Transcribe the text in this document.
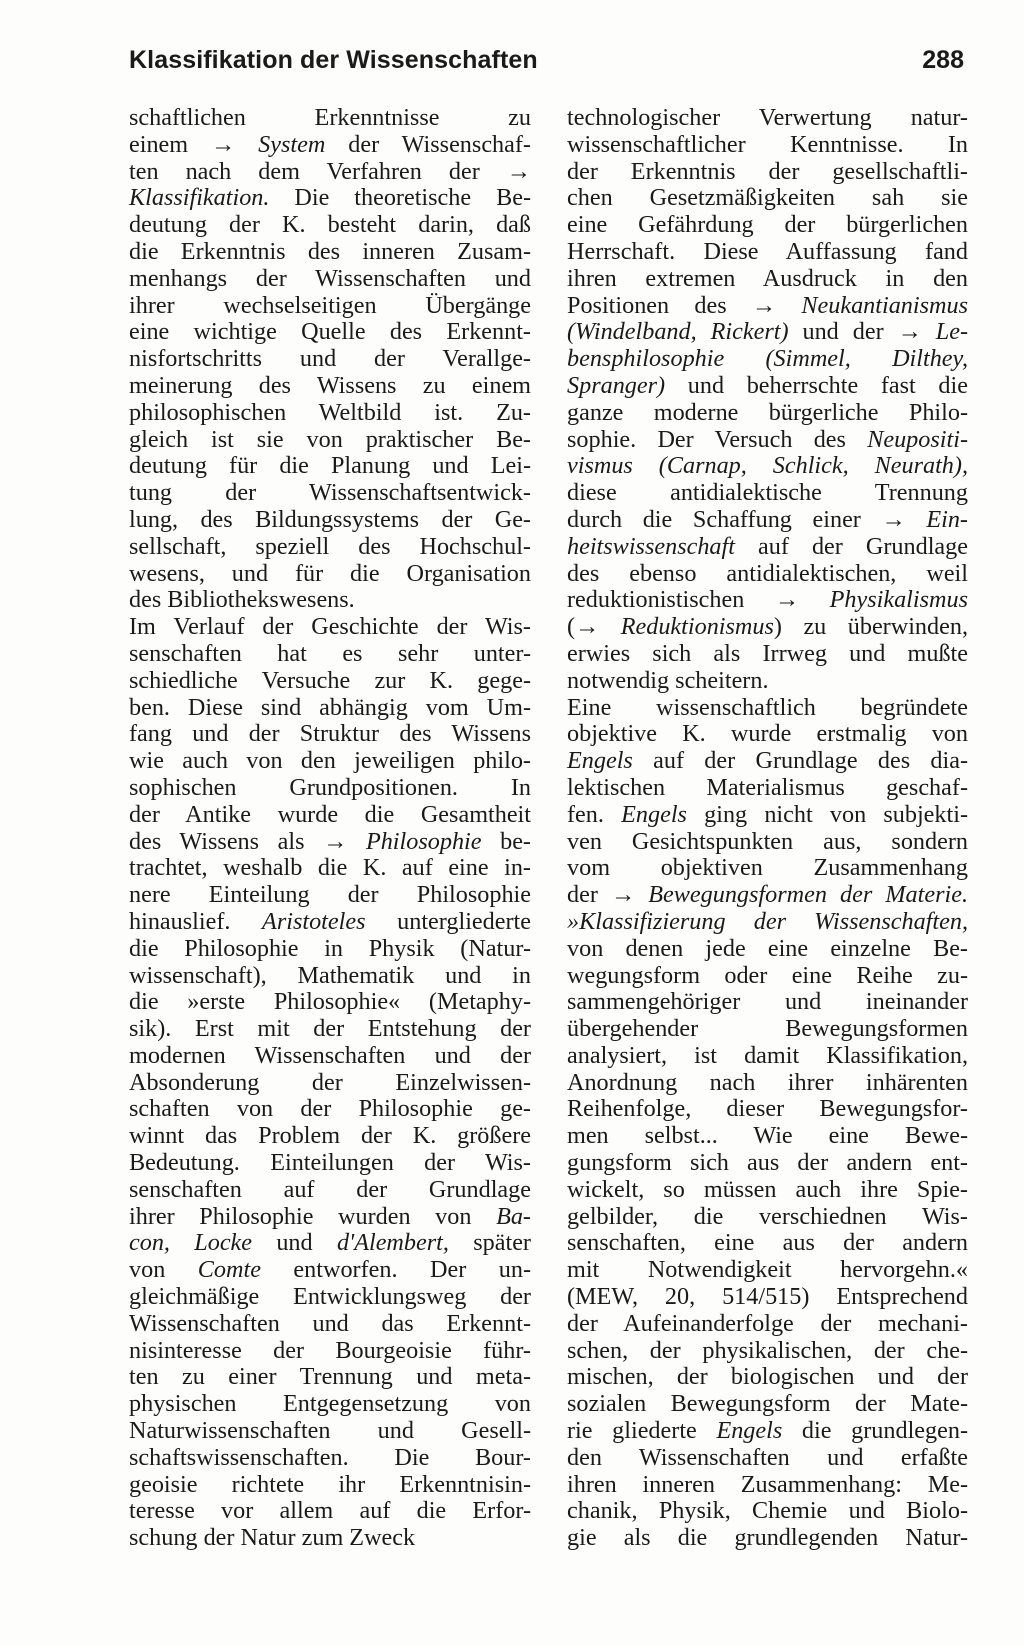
Klassifikation der Wissenschaften	288
schaftlichen Erkenntnisse zu
einem → System der Wissenschaf-
ten nach dem Verfahren der →
Klassifikation. Die theoretische Be-
deutung der K. besteht darin, daß
die Erkenntnis des inneren Zusam-
menhangs der Wissenschaften und
ihrer wechselseitigen Übergänge
eine wichtige Quelle des Erkennt-
nisfortschritts und der Verallge-
meinerung des Wissens zu einem
philosophischen Weltbild ist. Zu-
gleich ist sie von praktischer Be-
deutung für die Planung und Lei-
tung der Wissenschaftsentwick-
lung, des Bildungssystems der Ge-
sellschaft, speziell des Hochschul-
wesens, und für die Organisation
des Bibliothekswesens.
Im Verlauf der Geschichte der Wis-
senschaften hat es sehr unter-
schiedliche Versuche zur K. gege-
ben. Diese sind abhängig vom Um-
fang und der Struktur des Wissens
wie auch von den jeweiligen philo-
sophischen Grundpositionen. In
der Antike wurde die Gesamtheit
des Wissens als → Philosophie be-
trachtet, weshalb die K. auf eine in-
nere Einteilung der Philosophie
hinauslief. Aristoteles untergliederte
die Philosophie in Physik (Natur-
wissenschaft), Mathematik und in
die »erste Philosophie« (Metaphy-
sik). Erst mit der Entstehung der
modernen Wissenschaften und der
Absonderung der Einzelwissen-
schaften von der Philosophie ge-
winnt das Problem der K. größere
Bedeutung. Einteilungen der Wis-
senschaften auf der Grundlage
ihrer Philosophie wurden von Ba-
con, Locke und d'Alembert, später
von Comte entworfen. Der un-
gleichmäßige Entwicklungsweg der
Wissenschaften und das Erkennt-
nisinteresse der Bourgeoisie führ-
ten zu einer Trennung und meta-
physischen Entgegensetzung von
Naturwissenschaften und Gesell-
schaftswissenschaften. Die Bour-
geoisie richtete ihr Erkenntnisin-
teresse vor allem auf die Erfor-
schung der Natur zum Zweck
technologischer Verwertung natur-
wissenschaftlicher Kenntnisse. In
der Erkenntnis der gesellschaftli-
chen Gesetzmäßigkeiten sah sie
eine Gefährdung der bürgerlichen
Herrschaft. Diese Auffassung fand
ihren extremen Ausdruck in den
Positionen des → Neukantianismus
(Windelband, Rickert) und der → Le-
bensphilosophie (Simmel, Dilthey,
Spranger) und beherrschte fast die
ganze moderne bürgerliche Philo-
sophie. Der Versuch des Neupositi-
vismus (Carnap, Schlick, Neurath),
diese antidialektische Trennung
durch die Schaffung einer → Ein-
heitswissenschaft auf der Grundlage
des ebenso antidialektischen, weil
reduktionistischen → Physikalismus
(→ Reduktionismus) zu überwinden,
erwies sich als Irrweg und mußte
notwendig scheitern.
Eine wissenschaftlich begründete
objektive K. wurde erstmalig von
Engels auf der Grundlage des dia-
lektischen Materialismus geschaf-
fen. Engels ging nicht von subjekti-
ven Gesichtspunkten aus, sondern
vom objektiven Zusammenhang
der → Bewegungsformen der Materie.
»Klassifizierung der Wissenschaften,
von denen jede eine einzelne Be-
wegungsform oder eine Reihe zu-
sammengehöriger und ineinander
übergehender Bewegungsformen
analysiert, ist damit Klassifikation,
Anordnung nach ihrer inhärenten
Reihenfolge, dieser Bewegungsfor-
men selbst... Wie eine Bewe-
gungsform sich aus der andern ent-
wickelt, so müssen auch ihre Spie-
gelbilder, die verschiednen Wis-
senschaften, eine aus der andern
mit Notwendigkeit hervorgehn.«
(MEW, 20, 514/515) Entsprechend
der Aufeinanderfolge der mechani-
schen, der physikalischen, der che-
mischen, der biologischen und der
sozialen Bewegungsform der Mate-
rie gliederte Engels die grundlegen-
den Wissenschaften und erfaßte
ihren inneren Zusammenhang: Me-
chanik, Physik, Chemie und Biolo-
gie als die grundlegenden Natur-
